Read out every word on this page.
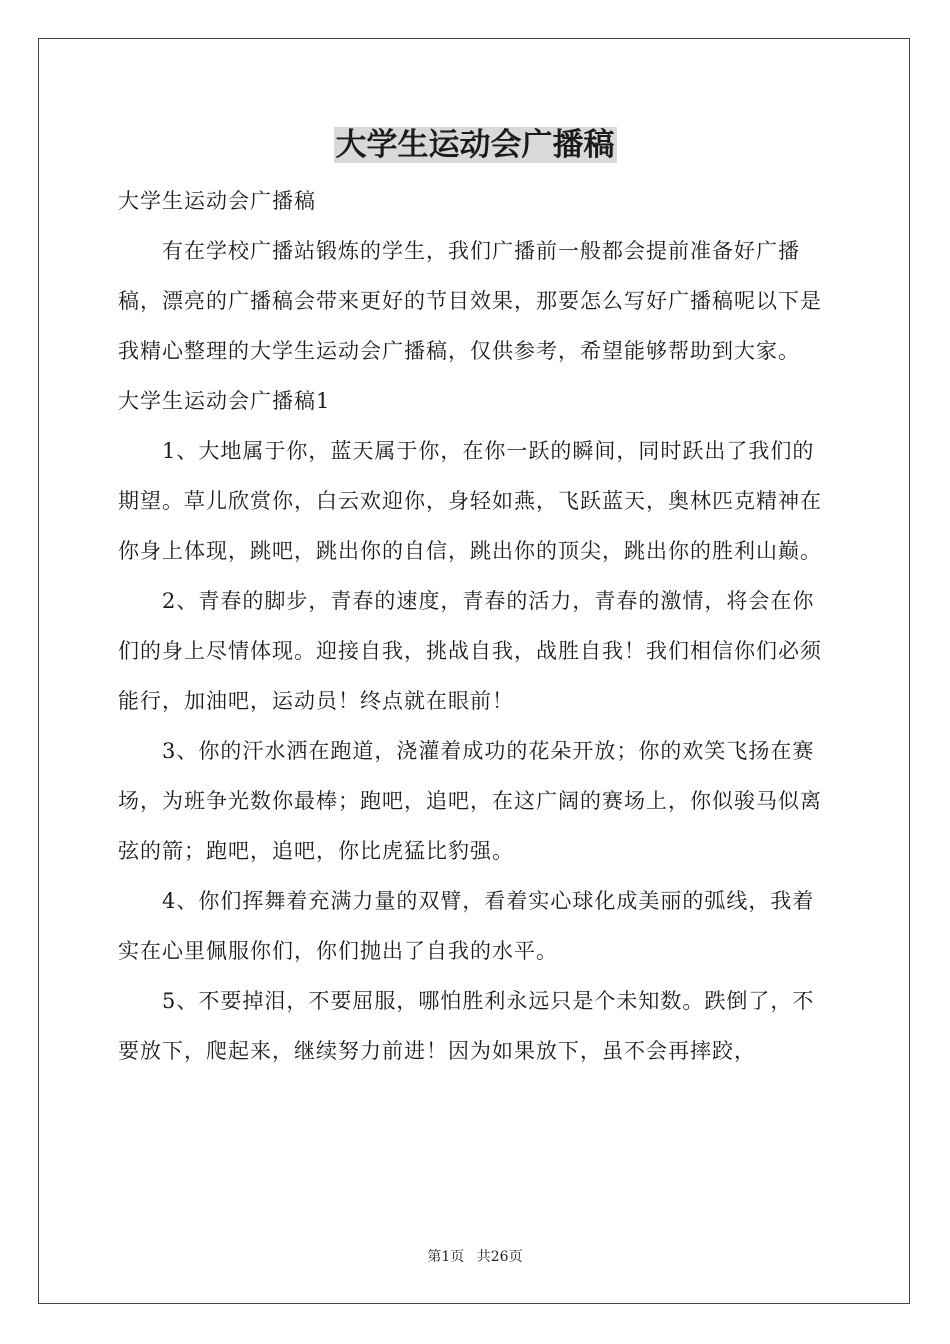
大学生运动会广播稿
大学生运动会广播稿

有在学校广播站锻炼的学生，我们广播前一般都会提前准备好广播稿，漂亮的广播稿会带来更好的节目效果，那要怎么写好广播稿呢以下是我精心整理的大学生运动会广播稿，仅供参考，希望能够帮助到大家。

大学生运动会广播稿1

1、大地属于你，蓝天属于你，在你一跃的瞬间，同时跃出了我们的期望。草儿欣赏你，白云欢迎你，身轻如燕，飞跃蓝天，奥林匹克精神在你身上体现，跳吧，跳出你的自信，跳出你的顶尖，跳出你的胜利山巅。

2、青春的脚步，青春的速度，青春的活力，青春的激情，将会在你们的身上尽情体现。迎接自我，挑战自我，战胜自我！我们相信你们必须能行，加油吧，运动员！终点就在眼前！

3、你的汗水洒在跑道，浇灌着成功的花朵开放；你的欢笑飞扬在赛场，为班争光数你最棒；跑吧，追吧，在这广阔的赛场上，你似骏马似离弦的箭；跑吧，追吧，你比虎猛比豹强。

4、你们挥舞着充满力量的双臂，看着实心球化成美丽的弧线，我着实在心里佩服你们，你们抛出了自我的水平。

5、不要掉泪，不要屈服，哪怕胜利永远只是个未知数。跌倒了，不要放下，爬起来，继续努力前进！因为如果放下，虽不会再摔跤，

第1页 共26页
